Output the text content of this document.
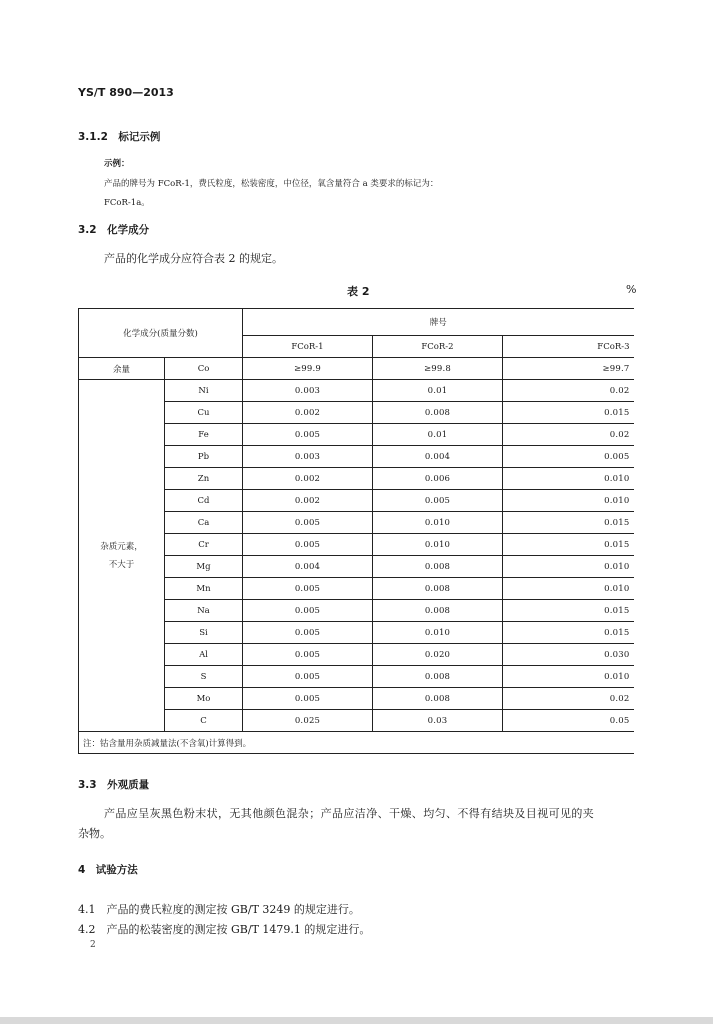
YS/T 890—2013
3.1.2　标记示例
示例：
产品的牌号为 FCoR-1，费氏粒度，松装密度，中位径，氧含量符合 a 类要求的标记为：
FCoR-1a。
3.2　化学成分
产品的化学成分应符合表 2 的规定。
表 2	%
化学成分(质量分数)		牌号		
		FCoR-1	FCoR-2	FCoR-3
余量	Co	≥99.9	≥99.8	≥99.7
杂质元素，
不大于	Ni	0.003	0.01	0.02
	Cu	0.002	0.008	0.015
	Fe	0.005	0.01	0.02
	Pb	0.003	0.004	0.005
	Zn	0.002	0.006	0.010
	Cd	0.002	0.005	0.010
	Ca	0.005	0.010	0.015
	Cr	0.005	0.010	0.015
	Mg	0.004	0.008	0.010
	Mn	0.005	0.008	0.010
	Na	0.005	0.008	0.015
	Si	0.005	0.010	0.015
	Al	0.005	0.020	0.030
	S	0.005	0.008	0.010
	Mo	0.005	0.008	0.02
	C	0.025	0.03	0.05
注：钴含量用杂质减量法(不含氧)计算得到。				
3.3　外观质量
产品应呈灰黑色粉末状，无其他颜色混杂；产品应洁净、干燥、均匀、不得有结块及目视可见的夹
杂物。
4　试验方法
4.1　产品的费氏粒度的测定按 GB/T 3249 的规定进行。
4.2　产品的松装密度的测定按 GB/T 1479.1 的规定进行。
2
